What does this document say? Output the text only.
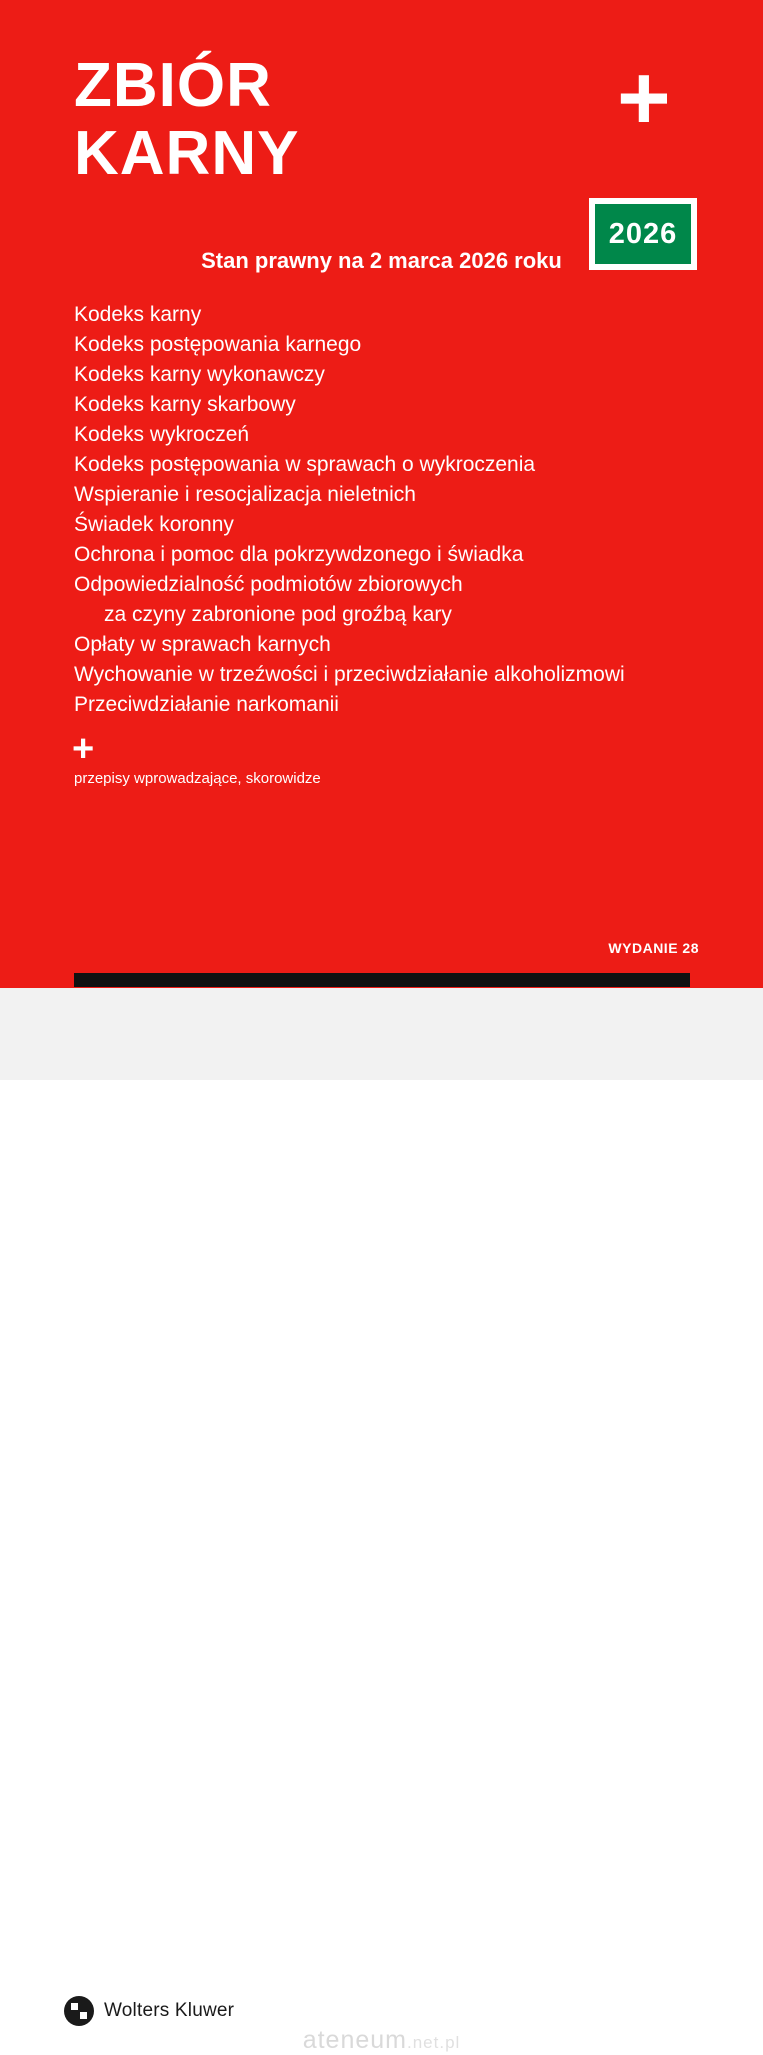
ZBIÓR
KARNY
+
2026
Stan prawny na 2 marca 2026 roku
Kodeks karny
Kodeks postępowania karnego
Kodeks karny wykonawczy
Kodeks karny skarbowy
Kodeks wykroczeń
Kodeks postępowania w sprawach o wykroczenia
Wspieranie i resocjalizacja nieletnich
Świadek koronny
Ochrona i pomoc dla pokrzywdzonego i świadka
Odpowiedzialność podmiotów zbiorowych
za czyny zabronione pod groźbą kary
Opłaty w sprawach karnych
Wychowanie w trzeźwości i przeciwdziałanie alkoholizmowi
Przeciwdziałanie narkomanii
+
przepisy wprowadzające, skorowidze
WYDANIE 28
Wolters Kluwer
ateneum.net.pl
